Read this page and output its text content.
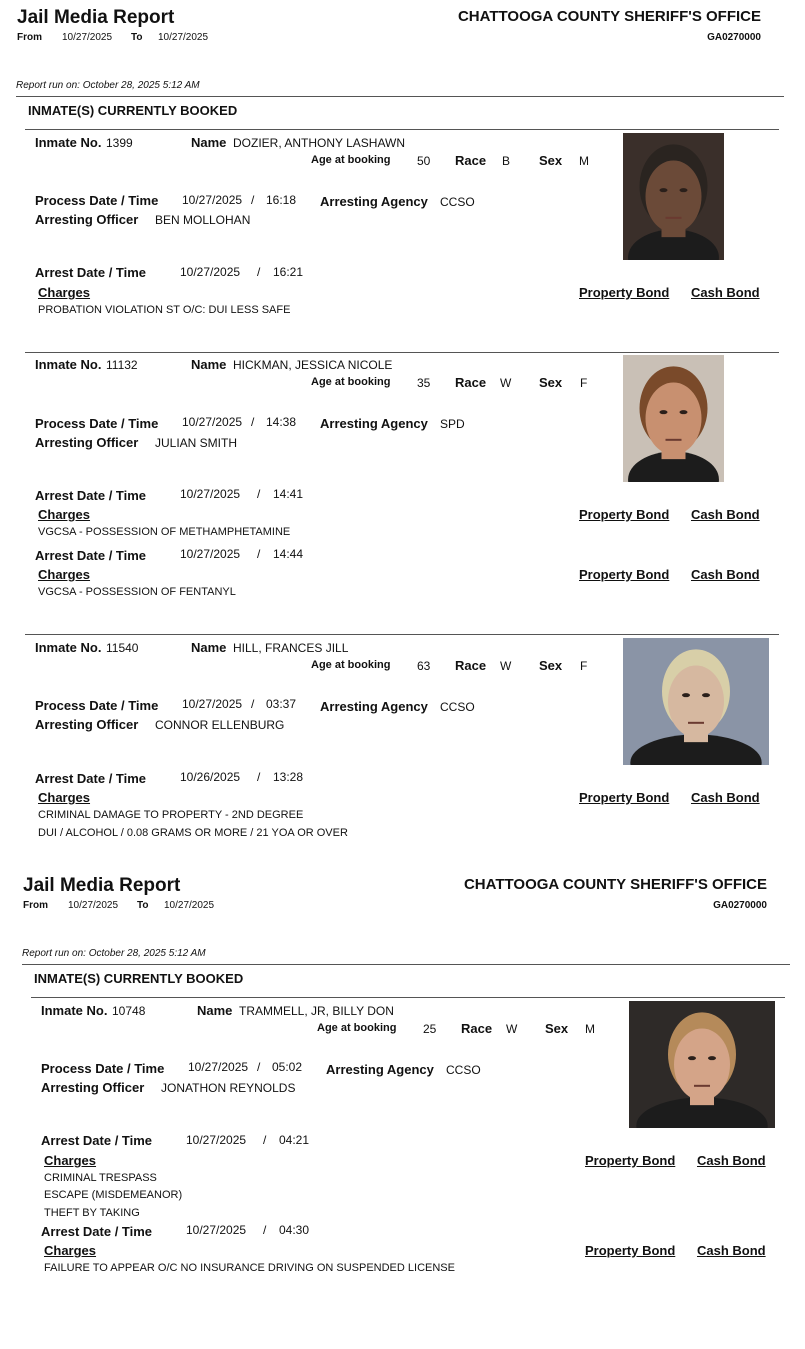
Jail Media Report	CHATTOOGA COUNTY SHERIFF'S OFFICE
From 10/27/2025 To 10/27/2025	GA0270000
Report run on: October 28, 2025 5:12 AM
INMATE(S) CURRENTLY BOOKED
Inmate No. 1399	Name DOZIER, ANTHONY LASHAWN
Age at booking 50 Race B Sex M
Process Date / Time 10/27/2025 / 16:18 Arresting Agency CCSO
Arresting Officer BEN MOLLOHAN
Arrest Date / Time	10/27/2025 / 16:21
Charges	Property Bond Cash Bond
PROBATION VIOLATION ST O/C: DUI LESS SAFE
Inmate No. 11132	Name HICKMAN, JESSICA NICOLE
Age at booking 35 Race W Sex F
Process Date / Time 10/27/2025 / 14:38 Arresting Agency SPD
Arresting Officer JULIAN SMITH
Arrest Date / Time	10/27/2025 / 14:41
Charges	Property Bond Cash Bond
VGCSA - POSSESSION OF METHAMPHETAMINE
Arrest Date / Time	10/27/2025 / 14:44
Charges	Property Bond Cash Bond
VGCSA - POSSESSION OF FENTANYL
Inmate No. 11540	Name HILL, FRANCES JILL
Age at booking 63 Race W Sex F
Process Date / Time 10/27/2025 / 03:37 Arresting Agency CCSO
Arresting Officer CONNOR ELLENBURG
Arrest Date / Time	10/26/2025 / 13:28
Charges	Property Bond Cash Bond
CRIMINAL DAMAGE TO PROPERTY - 2ND DEGREE
DUI / ALCOHOL / 0.08 GRAMS OR MORE / 21 YOA OR OVER
Jail Media Report	CHATTOOGA COUNTY SHERIFF'S OFFICE
From 10/27/2025 To 10/27/2025	GA0270000
Report run on: October 28, 2025 5:12 AM
INMATE(S) CURRENTLY BOOKED
Inmate No. 10748	Name TRAMMELL, JR, BILLY DON
Age at booking 25 Race W Sex M
Process Date / Time 10/27/2025 / 05:02 Arresting Agency CCSO
Arresting Officer JONATHON REYNOLDS
Arrest Date / Time	10/27/2025 / 04:21
Charges	Property Bond Cash Bond
CRIMINAL TRESPASS
ESCAPE (MISDEMEANOR)
THEFT BY TAKING
Arrest Date / Time	10/27/2025 / 04:30
Charges	Property Bond Cash Bond
FAILURE TO APPEAR O/C NO INSURANCE DRIVING ON SUSPENDED LICENSE
